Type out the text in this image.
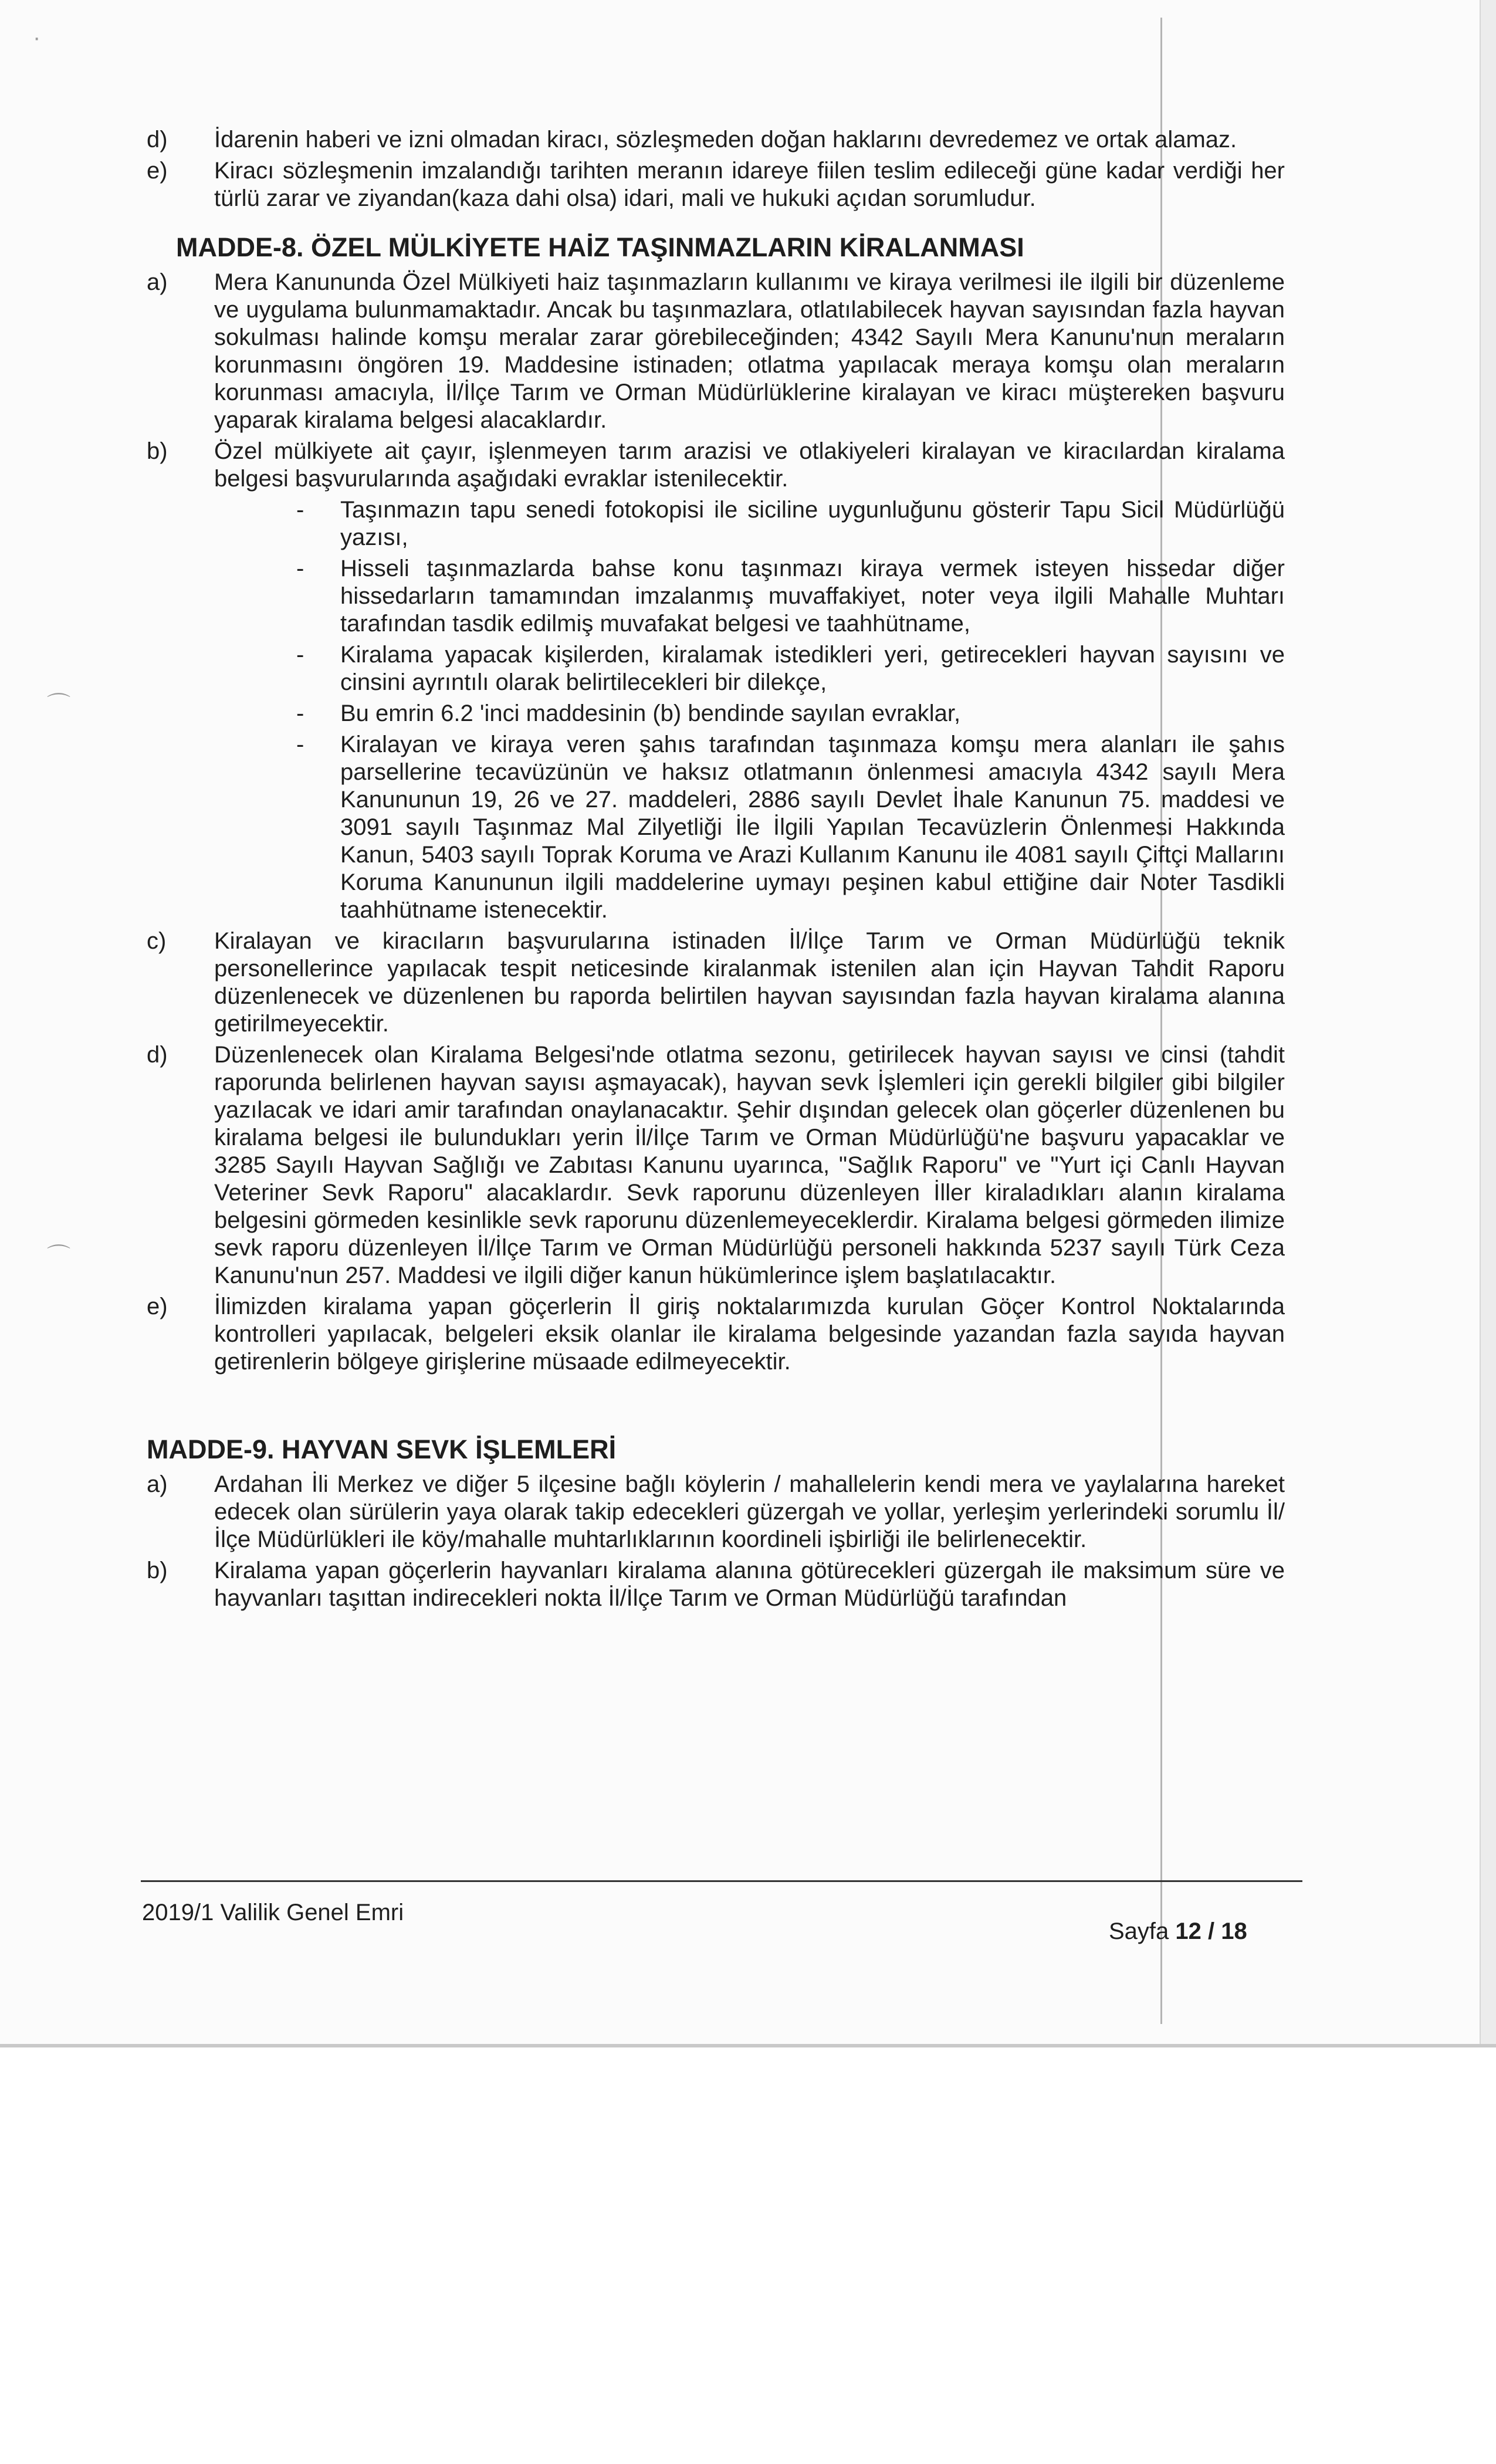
·
⌒
⌒
d) İdarenin haberi ve izni olmadan kiracı, sözleşmeden doğan haklarını devredemez ve ortak alamaz.
e) Kiracı sözleşmenin imzalandığı tarihten meranın idareye fiilen teslim edileceği güne kadar verdiği her türlü zarar ve ziyandan(kaza dahi olsa) idari, mali ve hukuki açıdan sorumludur.
MADDE-8. ÖZEL MÜLKİYETE HAİZ TAŞINMAZLARIN KİRALANMASI
a) Mera Kanununda Özel Mülkiyeti haiz taşınmazların kullanımı ve kiraya verilmesi ile ilgili bir düzenleme ve uygulama bulunmamaktadır. Ancak bu taşınmazlara, otlatılabilecek hayvan sayısından fazla hayvan sokulması halinde komşu meralar zarar görebileceğinden; 4342 Sayılı Mera Kanunu'nun meraların korunmasını öngören 19. Maddesine istinaden; otlatma yapılacak meraya komşu olan meraların korunması amacıyla, İl/İlçe Tarım ve Orman Müdürlüklerine kiralayan ve kiracı müştereken başvuru yaparak kiralama belgesi alacaklardır.
b) Özel mülkiyete ait çayır, işlenmeyen tarım arazisi ve otlakiyeleri kiralayan ve kiracılardan kiralama belgesi başvurularında aşağıdaki evraklar istenilecektir.
- Taşınmazın tapu senedi fotokopisi ile siciline uygunluğunu gösterir Tapu Sicil Müdürlüğü yazısı,
- Hisseli taşınmazlarda bahse konu taşınmazı kiraya vermek isteyen hissedar diğer hissedarların tamamından imzalanmış muvaffakiyet, noter veya ilgili Mahalle Muhtarı tarafından tasdik edilmiş muvafakat belgesi ve taahhütname,
- Kiralama yapacak kişilerden, kiralamak istedikleri yeri, getirecekleri hayvan sayısını ve cinsini ayrıntılı olarak belirtilecekleri bir dilekçe,
- Bu emrin 6.2 'inci maddesinin (b) bendinde sayılan evraklar,
- Kiralayan ve kiraya veren şahıs tarafından taşınmaza komşu mera alanları ile şahıs parsellerine tecavüzünün ve haksız otlatmanın önlenmesi amacıyla 4342 sayılı Mera Kanununun 19, 26 ve 27. maddeleri, 2886 sayılı Devlet İhale Kanunun 75. maddesi ve 3091 sayılı Taşınmaz Mal Zilyetliği İle İlgili Yapılan Tecavüzlerin Önlenmesi Hakkında Kanun, 5403 sayılı Toprak Koruma ve Arazi Kullanım Kanunu ile 4081 sayılı Çiftçi Mallarını Koruma Kanununun ilgili maddelerine uymayı peşinen kabul ettiğine dair Noter Tasdikli taahhütname istenecektir.
c) Kiralayan ve kiracıların başvurularına istinaden İl/İlçe Tarım ve Orman Müdürlüğü teknik personellerince yapılacak tespit neticesinde kiralanmak istenilen alan için Hayvan Tahdit Raporu düzenlenecek ve düzenlenen bu raporda belirtilen hayvan sayısından fazla hayvan kiralama alanına getirilmeyecektir.
d) Düzenlenecek olan Kiralama Belgesi'nde otlatma sezonu, getirilecek hayvan sayısı ve cinsi (tahdit raporunda belirlenen hayvan sayısı aşmayacak), hayvan sevk İşlemleri için gerekli bilgiler gibi bilgiler yazılacak ve idari amir tarafından onaylanacaktır. Şehir dışından gelecek olan göçerler düzenlenen bu kiralama belgesi ile bulundukları yerin İl/İlçe Tarım ve Orman Müdürlüğü'ne başvuru yapacaklar ve 3285 Sayılı Hayvan Sağlığı ve Zabıtası Kanunu uyarınca, "Sağlık Raporu" ve "Yurt içi Canlı Hayvan Veteriner Sevk Raporu" alacaklardır. Sevk raporunu düzenleyen İller kiraladıkları alanın kiralama belgesini görmeden kesinlikle sevk raporunu düzenlemeyeceklerdir. Kiralama belgesi görmeden ilimize sevk raporu düzenleyen İl/İlçe Tarım ve Orman Müdürlüğü personeli hakkında 5237 sayılı Türk Ceza Kanunu'nun 257. Maddesi ve ilgili diğer kanun hükümlerince işlem başlatılacaktır.
e) İlimizden kiralama yapan göçerlerin İl giriş noktalarımızda kurulan Göçer Kontrol Noktalarında kontrolleri yapılacak, belgeleri eksik olanlar ile kiralama belgesinde yazandan fazla sayıda hayvan getirenlerin bölgeye girişlerine müsaade edilmeyecektir.
MADDE-9. HAYVAN SEVK İŞLEMLERİ
a) Ardahan İli Merkez ve diğer 5 ilçesine bağlı köylerin / mahallelerin kendi mera ve yaylalarına hareket edecek olan sürülerin yaya olarak takip edecekleri güzergah ve yollar, yerleşim yerlerindeki sorumlu İl/İlçe Müdürlükleri ile köy/mahalle muhtarlıklarının koordineli işbirliği ile belirlenecektir.
b) Kiralama yapan göçerlerin hayvanları kiralama alanına götürecekleri güzergah ile maksimum süre ve hayvanları taşıttan indirecekleri nokta İl/İlçe Tarım ve Orman Müdürlüğü tarafından
2019/1 Valilik Genel Emri
Sayfa 12 / 18
